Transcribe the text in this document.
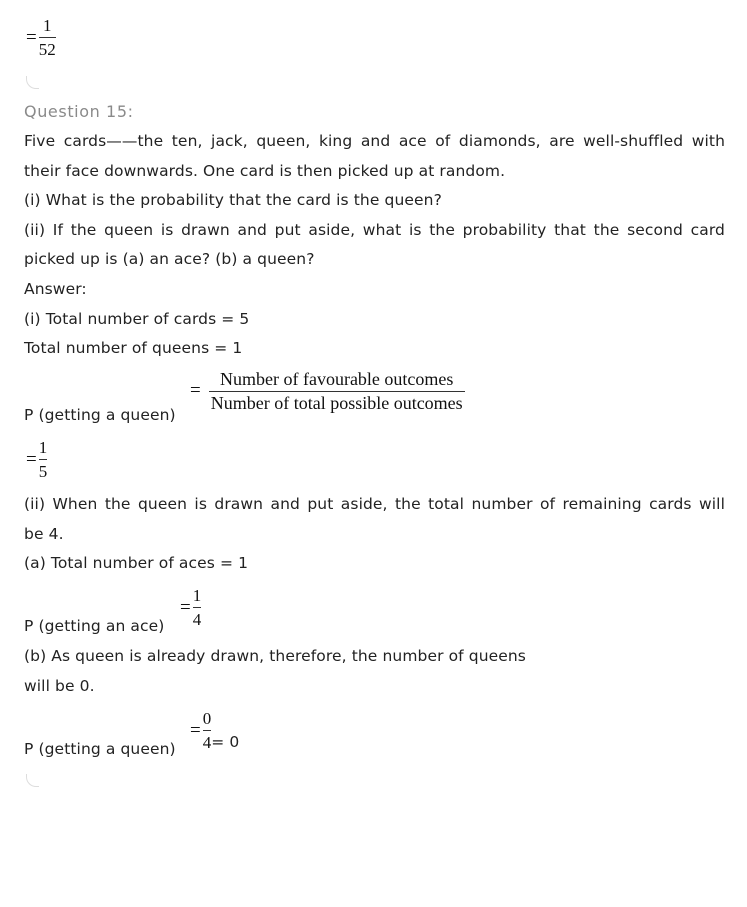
= $\frac{1}{52}$
Question 15:
Five cards——the ten, jack, queen, king and ace of diamonds, are well-shuffled with
their face downwards. One card is then picked up at random.
(i) What is the probability that the card is the queen?
(ii) If the queen is drawn and put aside, what is the probability that the second card
picked up is (a) an ace? (b) a queen?
Answer:
(i) Total number of cards = 5
Total number of queens = 1
P (getting a queen)
= $\frac{\text{Number of favourable outcomes}}{\text{Number of total possible outcomes}}$
= $\frac{1}{5}$
(ii) When the queen is drawn and put aside, the total number of remaining cards will
be 4.
(a) Total number of aces = 1
P (getting an ace)
= $\frac{1}{4}$
(b) As queen is already drawn, therefore, the number of queens
will be 0.
P (getting a queen)
= $\frac{0}{4} = 0$
